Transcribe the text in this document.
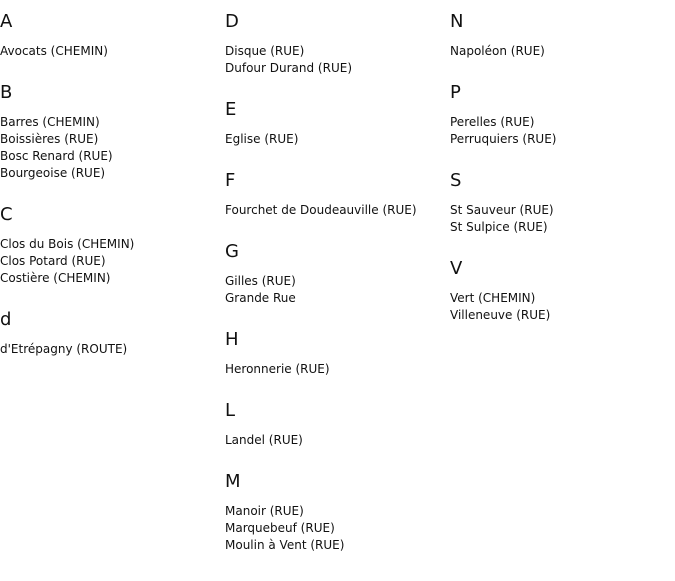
A
Avocats (CHEMIN)
B
Barres (CHEMIN)
Boissières (RUE)
Bosc Renard (RUE)
Bourgeoise (RUE)
C
Clos du Bois (CHEMIN)
Clos Potard (RUE)
Costière (CHEMIN)
d
d'Etrépagny (ROUTE)
D
Disque (RUE)
Dufour Durand (RUE)
E
Eglise (RUE)
F
Fourchet de Doudeauville (RUE)
G
Gilles (RUE)
Grande Rue
H
Heronnerie (RUE)
L
Landel (RUE)
M
Manoir (RUE)
Marquebeuf (RUE)
Moulin à Vent (RUE)
N
Napoléon (RUE)
P
Perelles (RUE)
Perruquiers (RUE)
S
St Sauveur (RUE)
St Sulpice (RUE)
V
Vert (CHEMIN)
Villeneuve (RUE)
